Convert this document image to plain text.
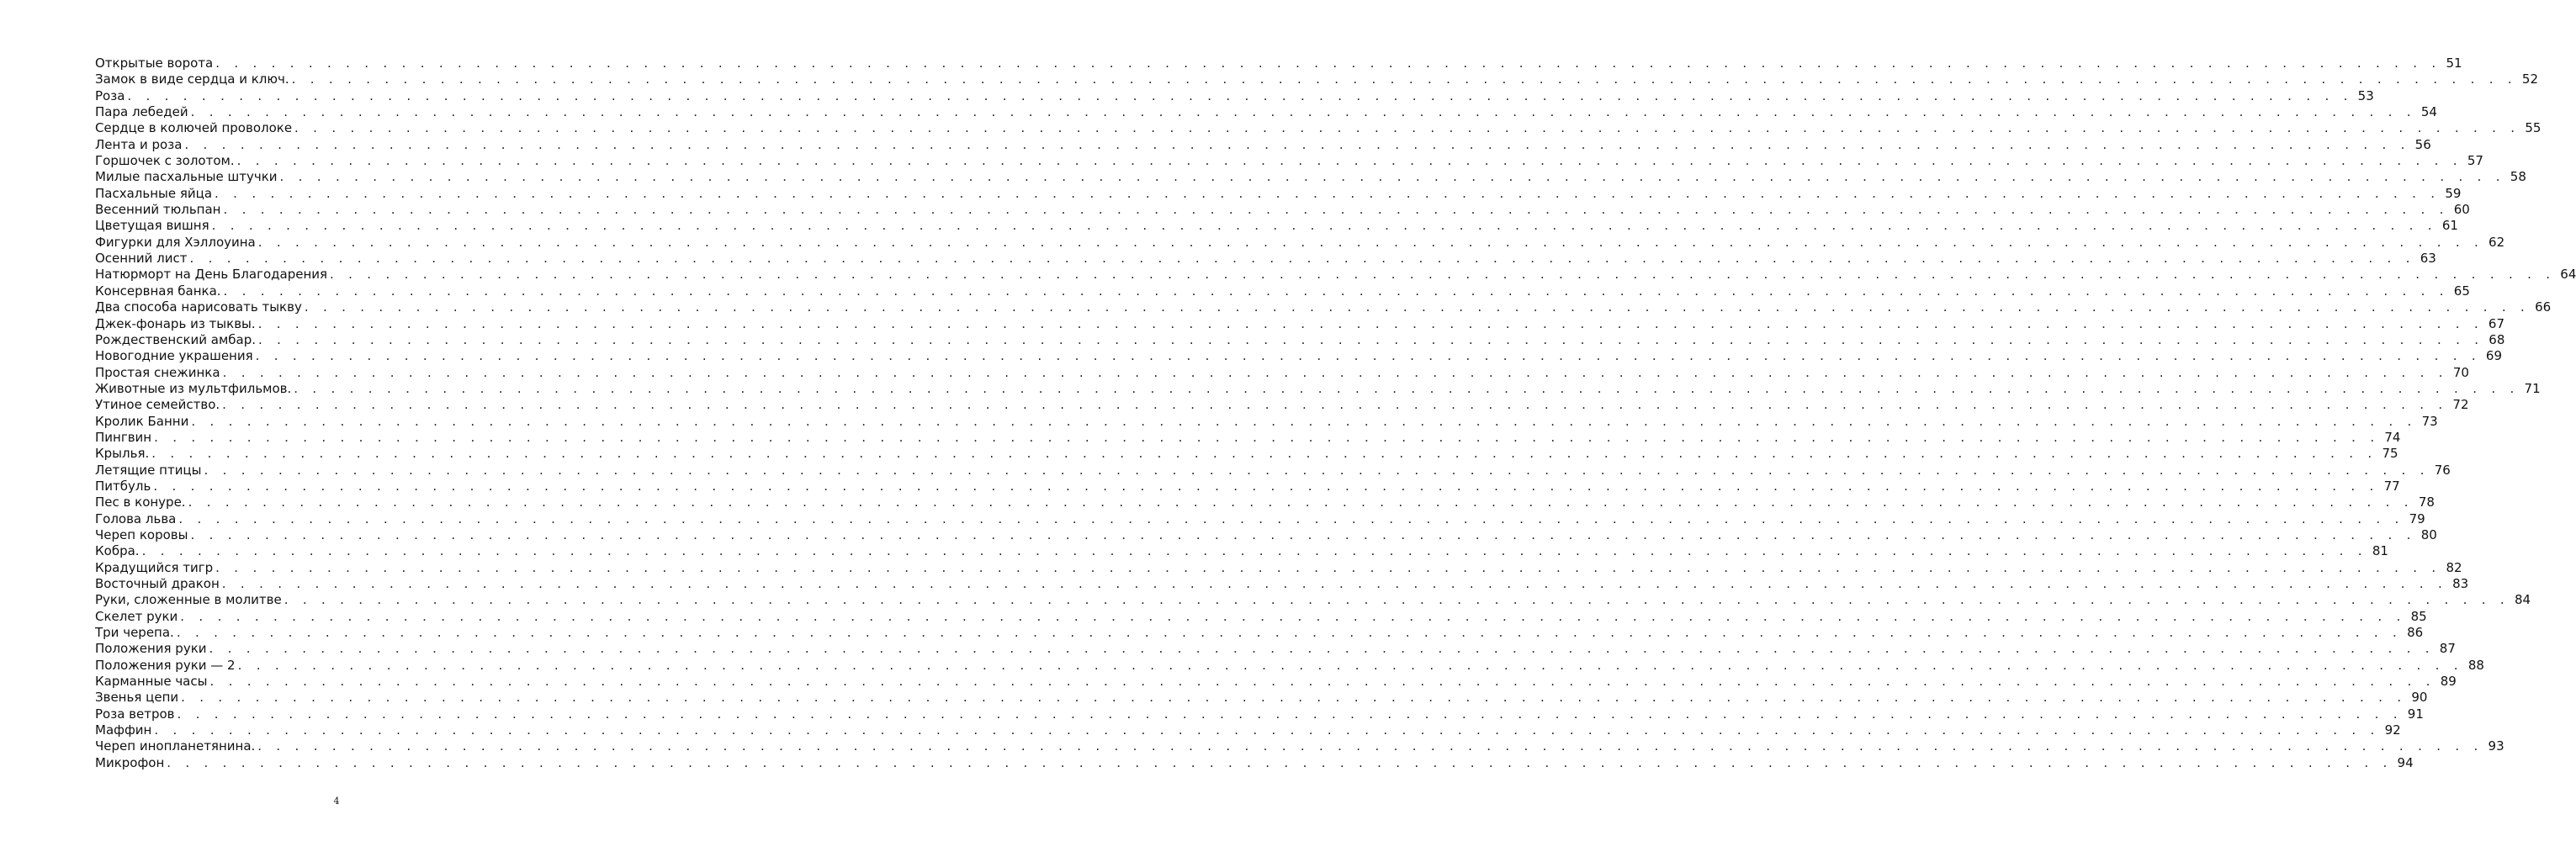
Открытые ворота . . . . . . . . . . . . . . . . . . . . . . . . . . . . . . . . . . . . . . . . . . . . . . . . . . . . . . . . . . . . . . . . . . . . . . . . . . . . . . . . . . . . . . . . . . . . . . . . . . . . . . . . . . . . . . . . . . . . . . . . 51
Замок в виде сердца и ключ. . . . . . . . . . . . . . . . . . . . . . . . . . . . . . . . . . . . . . . . . . . . . . . . . . . . . . . . . . . . . . . . . . . . . . . . . . . . . . . . . . . . . . . . . . . . . . . . . . . . . . . . . . . . . . . . . . . . . . . . . 52
Роза . . . . . . . . . . . . . . . . . . . . . . . . . . . . . . . . . . . . . . . . . . . . . . . . . . . . . . . . . . . . . . . . . . . . . . . . . . . . . . . . . . . . . . . . . . . . . . . . . . . . . . . . . . . . . . . . . . . . . . . . 53
Пара лебедей . . . . . . . . . . . . . . . . . . . . . . . . . . . . . . . . . . . . . . . . . . . . . . . . . . . . . . . . . . . . . . . . . . . . . . . . . . . . . . . . . . . . . . . . . . . . . . . . . . . . . . . . . . . . . . . . . . . . . . . . 54
Сердце в колючей проволоке . . . . . . . . . . . . . . . . . . . . . . . . . . . . . . . . . . . . . . . . . . . . . . . . . . . . . . . . . . . . . . . . . . . . . . . . . . . . . . . . . . . . . . . . . . . . . . . . . . . . . . . . . . . . . . . . . . . . . . . . 55
Лента и роза . . . . . . . . . . . . . . . . . . . . . . . . . . . . . . . . . . . . . . . . . . . . . . . . . . . . . . . . . . . . . . . . . . . . . . . . . . . . . . . . . . . . . . . . . . . . . . . . . . . . . . . . . . . . . . . . . . . . . . . . 56
Горшочек с золотом. . . . . . . . . . . . . . . . . . . . . . . . . . . . . . . . . . . . . . . . . . . . . . . . . . . . . . . . . . . . . . . . . . . . . . . . . . . . . . . . . . . . . . . . . . . . . . . . . . . . . . . . . . . . . . . . . . . . . . . . . 57
Милые пасхальные штучки . . . . . . . . . . . . . . . . . . . . . . . . . . . . . . . . . . . . . . . . . . . . . . . . . . . . . . . . . . . . . . . . . . . . . . . . . . . . . . . . . . . . . . . . . . . . . . . . . . . . . . . . . . . . . . . . . . . . . . . . 58
Пасхальные яйца . . . . . . . . . . . . . . . . . . . . . . . . . . . . . . . . . . . . . . . . . . . . . . . . . . . . . . . . . . . . . . . . . . . . . . . . . . . . . . . . . . . . . . . . . . . . . . . . . . . . . . . . . . . . . . . . . . . . . . . . 59
Весенний тюльпан . . . . . . . . . . . . . . . . . . . . . . . . . . . . . . . . . . . . . . . . . . . . . . . . . . . . . . . . . . . . . . . . . . . . . . . . . . . . . . . . . . . . . . . . . . . . . . . . . . . . . . . . . . . . . . . . . . . . . . . . 60
Цветущая вишня . . . . . . . . . . . . . . . . . . . . . . . . . . . . . . . . . . . . . . . . . . . . . . . . . . . . . . . . . . . . . . . . . . . . . . . . . . . . . . . . . . . . . . . . . . . . . . . . . . . . . . . . . . . . . . . . . . . . . . . . 61
Фигурки для Хэллоуина . . . . . . . . . . . . . . . . . . . . . . . . . . . . . . . . . . . . . . . . . . . . . . . . . . . . . . . . . . . . . . . . . . . . . . . . . . . . . . . . . . . . . . . . . . . . . . . . . . . . . . . . . . . . . . . . . . . . . . . . 62
Осенний лист . . . . . . . . . . . . . . . . . . . . . . . . . . . . . . . . . . . . . . . . . . . . . . . . . . . . . . . . . . . . . . . . . . . . . . . . . . . . . . . . . . . . . . . . . . . . . . . . . . . . . . . . . . . . . . . . . . . . . . . . 63
Натюрморт на День Благодарения . . . . . . . . . . . . . . . . . . . . . . . . . . . . . . . . . . . . . . . . . . . . . . . . . . . . . . . . . . . . . . . . . . . . . . . . . . . . . . . . . . . . . . . . . . . . . . . . . . . . . . . . . . . . . . . . . . . . . . . . 64
Консервная банка. . . . . . . . . . . . . . . . . . . . . . . . . . . . . . . . . . . . . . . . . . . . . . . . . . . . . . . . . . . . . . . . . . . . . . . . . . . . . . . . . . . . . . . . . . . . . . . . . . . . . . . . . . . . . . . . . . . . . . . . . 65
Два способа нарисовать тыкву . . . . . . . . . . . . . . . . . . . . . . . . . . . . . . . . . . . . . . . . . . . . . . . . . . . . . . . . . . . . . . . . . . . . . . . . . . . . . . . . . . . . . . . . . . . . . . . . . . . . . . . . . . . . . . . . . . . . . . . . 66
Джек-фонарь из тыквы. . . . . . . . . . . . . . . . . . . . . . . . . . . . . . . . . . . . . . . . . . . . . . . . . . . . . . . . . . . . . . . . . . . . . . . . . . . . . . . . . . . . . . . . . . . . . . . . . . . . . . . . . . . . . . . . . . . . . . . . . 67
Рождественский амбар. . . . . . . . . . . . . . . . . . . . . . . . . . . . . . . . . . . . . . . . . . . . . . . . . . . . . . . . . . . . . . . . . . . . . . . . . . . . . . . . . . . . . . . . . . . . . . . . . . . . . . . . . . . . . . . . . . . . . . . . . 68
Новогодние украшения . . . . . . . . . . . . . . . . . . . . . . . . . . . . . . . . . . . . . . . . . . . . . . . . . . . . . . . . . . . . . . . . . . . . . . . . . . . . . . . . . . . . . . . . . . . . . . . . . . . . . . . . . . . . . . . . . . . . . . . . 69
Простая снежинка . . . . . . . . . . . . . . . . . . . . . . . . . . . . . . . . . . . . . . . . . . . . . . . . . . . . . . . . . . . . . . . . . . . . . . . . . . . . . . . . . . . . . . . . . . . . . . . . . . . . . . . . . . . . . . . . . . . . . . . . 70
Животные из мультфильмов. . . . . . . . . . . . . . . . . . . . . . . . . . . . . . . . . . . . . . . . . . . . . . . . . . . . . . . . . . . . . . . . . . . . . . . . . . . . . . . . . . . . . . . . . . . . . . . . . . . . . . . . . . . . . . . . . . . . . . . . . 71
Утиное семейство. . . . . . . . . . . . . . . . . . . . . . . . . . . . . . . . . . . . . . . . . . . . . . . . . . . . . . . . . . . . . . . . . . . . . . . . . . . . . . . . . . . . . . . . . . . . . . . . . . . . . . . . . . . . . . . . . . . . . . . . . 72
Кролик Банни . . . . . . . . . . . . . . . . . . . . . . . . . . . . . . . . . . . . . . . . . . . . . . . . . . . . . . . . . . . . . . . . . . . . . . . . . . . . . . . . . . . . . . . . . . . . . . . . . . . . . . . . . . . . . . . . . . . . . . . . 73
Пингвин . . . . . . . . . . . . . . . . . . . . . . . . . . . . . . . . . . . . . . . . . . . . . . . . . . . . . . . . . . . . . . . . . . . . . . . . . . . . . . . . . . . . . . . . . . . . . . . . . . . . . . . . . . . . . . . . . . . . . . . . 74
Крылья. . . . . . . . . . . . . . . . . . . . . . . . . . . . . . . . . . . . . . . . . . . . . . . . . . . . . . . . . . . . . . . . . . . . . . . . . . . . . . . . . . . . . . . . . . . . . . . . . . . . . . . . . . . . . . . . . . . . . . . . . 75
Летящие птицы . . . . . . . . . . . . . . . . . . . . . . . . . . . . . . . . . . . . . . . . . . . . . . . . . . . . . . . . . . . . . . . . . . . . . . . . . . . . . . . . . . . . . . . . . . . . . . . . . . . . . . . . . . . . . . . . . . . . . . . . 76
Питбуль . . . . . . . . . . . . . . . . . . . . . . . . . . . . . . . . . . . . . . . . . . . . . . . . . . . . . . . . . . . . . . . . . . . . . . . . . . . . . . . . . . . . . . . . . . . . . . . . . . . . . . . . . . . . . . . . . . . . . . . . 77
Пес в конуре. . . . . . . . . . . . . . . . . . . . . . . . . . . . . . . . . . . . . . . . . . . . . . . . . . . . . . . . . . . . . . . . . . . . . . . . . . . . . . . . . . . . . . . . . . . . . . . . . . . . . . . . . . . . . . . . . . . . . . . . . 78
Голова льва . . . . . . . . . . . . . . . . . . . . . . . . . . . . . . . . . . . . . . . . . . . . . . . . . . . . . . . . . . . . . . . . . . . . . . . . . . . . . . . . . . . . . . . . . . . . . . . . . . . . . . . . . . . . . . . . . . . . . . . . 79
Череп коровы . . . . . . . . . . . . . . . . . . . . . . . . . . . . . . . . . . . . . . . . . . . . . . . . . . . . . . . . . . . . . . . . . . . . . . . . . . . . . . . . . . . . . . . . . . . . . . . . . . . . . . . . . . . . . . . . . . . . . . . . 80
Кобра. . . . . . . . . . . . . . . . . . . . . . . . . . . . . . . . . . . . . . . . . . . . . . . . . . . . . . . . . . . . . . . . . . . . . . . . . . . . . . . . . . . . . . . . . . . . . . . . . . . . . . . . . . . . . . . . . . . . . . . . . 81
Крадущийся тигр . . . . . . . . . . . . . . . . . . . . . . . . . . . . . . . . . . . . . . . . . . . . . . . . . . . . . . . . . . . . . . . . . . . . . . . . . . . . . . . . . . . . . . . . . . . . . . . . . . . . . . . . . . . . . . . . . . . . . . . . 82
Восточный дракон . . . . . . . . . . . . . . . . . . . . . . . . . . . . . . . . . . . . . . . . . . . . . . . . . . . . . . . . . . . . . . . . . . . . . . . . . . . . . . . . . . . . . . . . . . . . . . . . . . . . . . . . . . . . . . . . . . . . . . . . 83
Руки, сложенные в молитве . . . . . . . . . . . . . . . . . . . . . . . . . . . . . . . . . . . . . . . . . . . . . . . . . . . . . . . . . . . . . . . . . . . . . . . . . . . . . . . . . . . . . . . . . . . . . . . . . . . . . . . . . . . . . . . . . . . . . . . . 84
Скелет руки . . . . . . . . . . . . . . . . . . . . . . . . . . . . . . . . . . . . . . . . . . . . . . . . . . . . . . . . . . . . . . . . . . . . . . . . . . . . . . . . . . . . . . . . . . . . . . . . . . . . . . . . . . . . . . . . . . . . . . . . 85
Три черепа. . . . . . . . . . . . . . . . . . . . . . . . . . . . . . . . . . . . . . . . . . . . . . . . . . . . . . . . . . . . . . . . . . . . . . . . . . . . . . . . . . . . . . . . . . . . . . . . . . . . . . . . . . . . . . . . . . . . . . . . . 86
Положения руки . . . . . . . . . . . . . . . . . . . . . . . . . . . . . . . . . . . . . . . . . . . . . . . . . . . . . . . . . . . . . . . . . . . . . . . . . . . . . . . . . . . . . . . . . . . . . . . . . . . . . . . . . . . . . . . . . . . . . . . . 87
Положения руки — 2 . . . . . . . . . . . . . . . . . . . . . . . . . . . . . . . . . . . . . . . . . . . . . . . . . . . . . . . . . . . . . . . . . . . . . . . . . . . . . . . . . . . . . . . . . . . . . . . . . . . . . . . . . . . . . . . . . . . . . . . . 88
Карманные часы . . . . . . . . . . . . . . . . . . . . . . . . . . . . . . . . . . . . . . . . . . . . . . . . . . . . . . . . . . . . . . . . . . . . . . . . . . . . . . . . . . . . . . . . . . . . . . . . . . . . . . . . . . . . . . . . . . . . . . . . 89
Звенья цепи . . . . . . . . . . . . . . . . . . . . . . . . . . . . . . . . . . . . . . . . . . . . . . . . . . . . . . . . . . . . . . . . . . . . . . . . . . . . . . . . . . . . . . . . . . . . . . . . . . . . . . . . . . . . . . . . . . . . . . . . 90
Роза ветров . . . . . . . . . . . . . . . . . . . . . . . . . . . . . . . . . . . . . . . . . . . . . . . . . . . . . . . . . . . . . . . . . . . . . . . . . . . . . . . . . . . . . . . . . . . . . . . . . . . . . . . . . . . . . . . . . . . . . . . . 91
Маффин . . . . . . . . . . . . . . . . . . . . . . . . . . . . . . . . . . . . . . . . . . . . . . . . . . . . . . . . . . . . . . . . . . . . . . . . . . . . . . . . . . . . . . . . . . . . . . . . . . . . . . . . . . . . . . . . . . . . . . . . 92
Череп инопланетянина. . . . . . . . . . . . . . . . . . . . . . . . . . . . . . . . . . . . . . . . . . . . . . . . . . . . . . . . . . . . . . . . . . . . . . . . . . . . . . . . . . . . . . . . . . . . . . . . . . . . . . . . . . . . . . . . . . . . . . . . . 93
Микрофон . . . . . . . . . . . . . . . . . . . . . . . . . . . . . . . . . . . . . . . . . . . . . . . . . . . . . . . . . . . . . . . . . . . . . . . . . . . . . . . . . . . . . . . . . . . . . . . . . . . . . . . . . . . . . . . . . . . . . . . . 94
4
